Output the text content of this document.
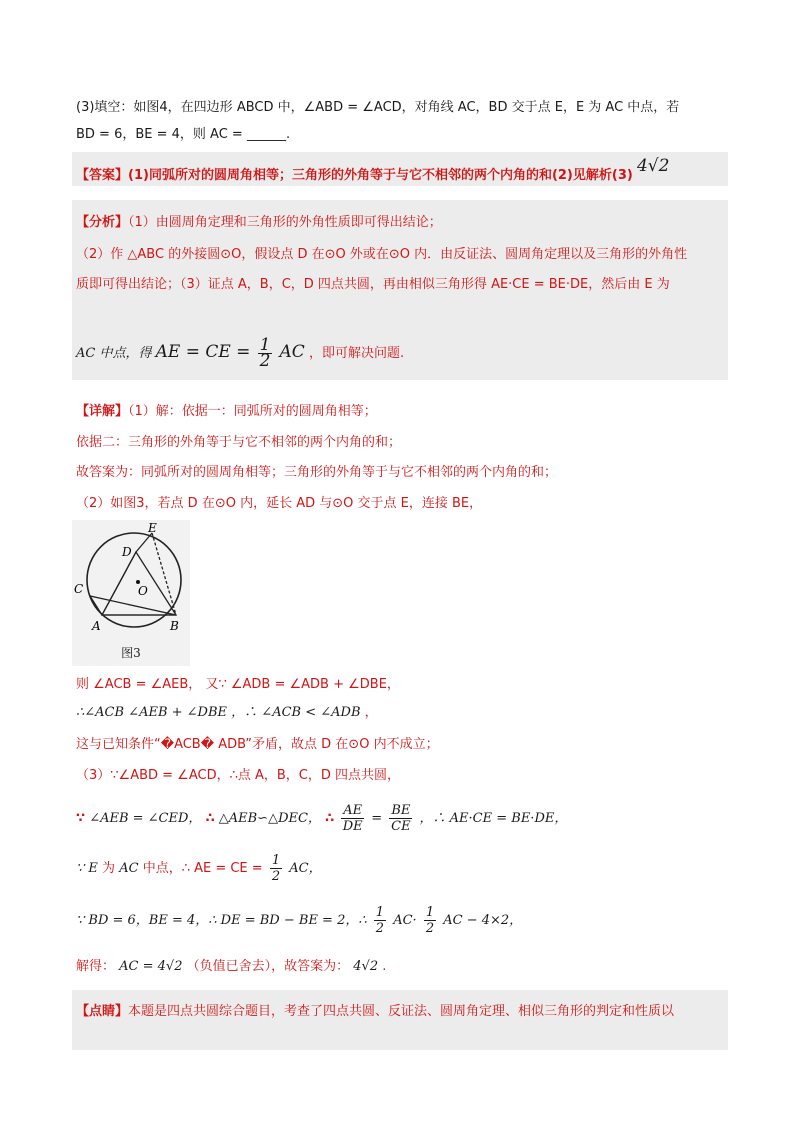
(3)填空：如图4，在四边形 ABCD 中，∠ABD = ∠ACD，对角线 AC，BD 交于点 E，E 为 AC 中点，若
BD = 6，BE = 4，则 AC = ______.
【答案】(1)同弧所对的圆周角相等；三角形的外角等于与它不相邻的两个内角的和(2)见解析(3) 4√2
【分析】（1）由圆周角定理和三角形的外角性质即可得出结论；
（2）作 △ABC 的外接圆⊙O，假设点 D 在⊙O 外或在⊙O 内．由反证法、圆周角定理以及三角形的外角性
质即可得出结论；（3）证点 A，B，C，D 四点共圆，再由相似三角形得 AE·CE = BE·DE，然后由 E 为
AC 中点，得 AE = CE = $\frac{1}{2}$ AC ，即可解决问题.
【详解】（1）解：依据一：同弧所对的圆周角相等；
依据二：三角形的外角等于与它不相邻的两个内角的和；
故答案为：同弧所对的圆周角相等；三角形的外角等于与它不相邻的两个内角的和；
（2）如图3，若点 D 在⊙O 内，延长 AD 与⊙O 交于点 E，连接 BE，
E
D
C	O
A	B
图3
则 ∠ACB = ∠AEB， 又∵ ∠ADB = ∠ADB + ∠DBE，
∴∠ACB ∠AEB + ∠DBE ，∴ ∠ACB < ∠ADB ，
这与已知条件“�ACB� ADB”矛盾，故点 D 在⊙O 内不成立；
（3）∵∠ABD = ∠ACD，∴点 A，B，C，D 四点共圆，
∵ ∠AEB = ∠CED， ∴ △AEB∽△DEC， ∴ $\frac{AE}{DE} = \frac{BE}{CE}$ ，∴ AE·CE = BE·DE，
∵ E 为 AC 中点，∴ AE = CE = $\frac{1}{2}$ AC，
∵ BD = 6，BE = 4，∴ DE = BD − BE = 2，∴ $\frac{1}{2} AC\cdot \frac{1}{2}$ AC − 4×2，
解得： AC = 4√2 （负值已舍去），故答案为： 4√2 .
【点睛】本题是四点共圆综合题目，考查了四点共圆、反证法、圆周角定理、相似三角形的判定和性质以
